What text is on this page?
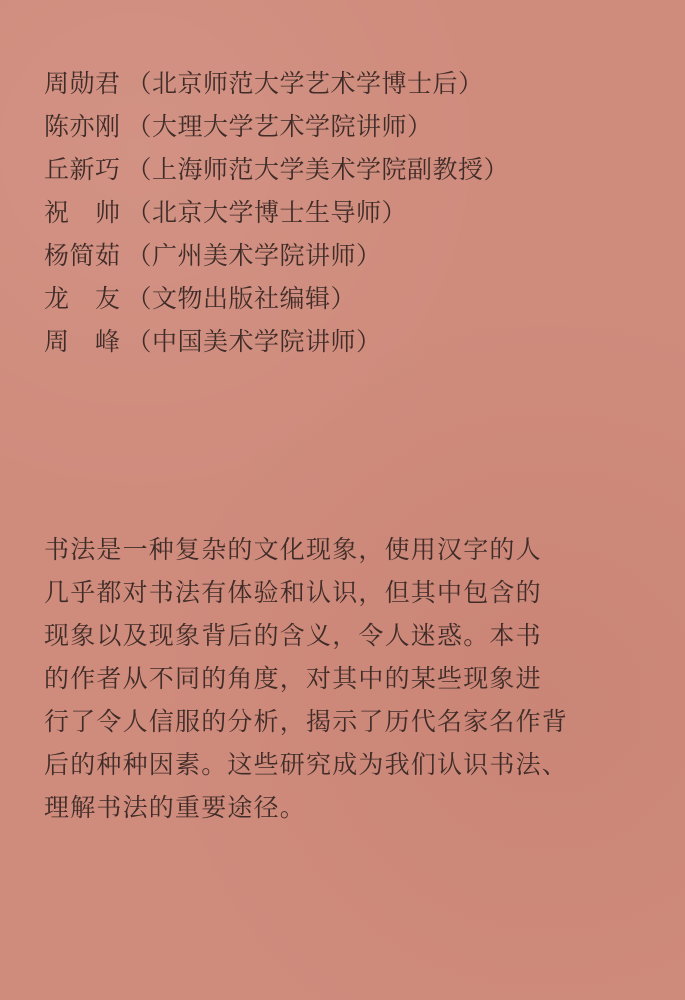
周勋君 （北京师范大学艺术学博士后）
陈亦刚 （大理大学艺术学院讲师）
丘新巧 （上海师范大学美术学院副教授）
祝　帅 （北京大学博士生导师）
杨简茹 （广州美术学院讲师）
龙　友 （文物出版社编辑）
周　峰 （中国美术学院讲师）
书法是一种复杂的文化现象，使用汉字的人
几乎都对书法有体验和认识，但其中包含的
现象以及现象背后的含义，令人迷惑。本书
的作者从不同的角度，对其中的某些现象进
行了令人信服的分析，揭示了历代名家名作背
后的种种因素。这些研究成为我们认识书法、
理解书法的重要途径。
